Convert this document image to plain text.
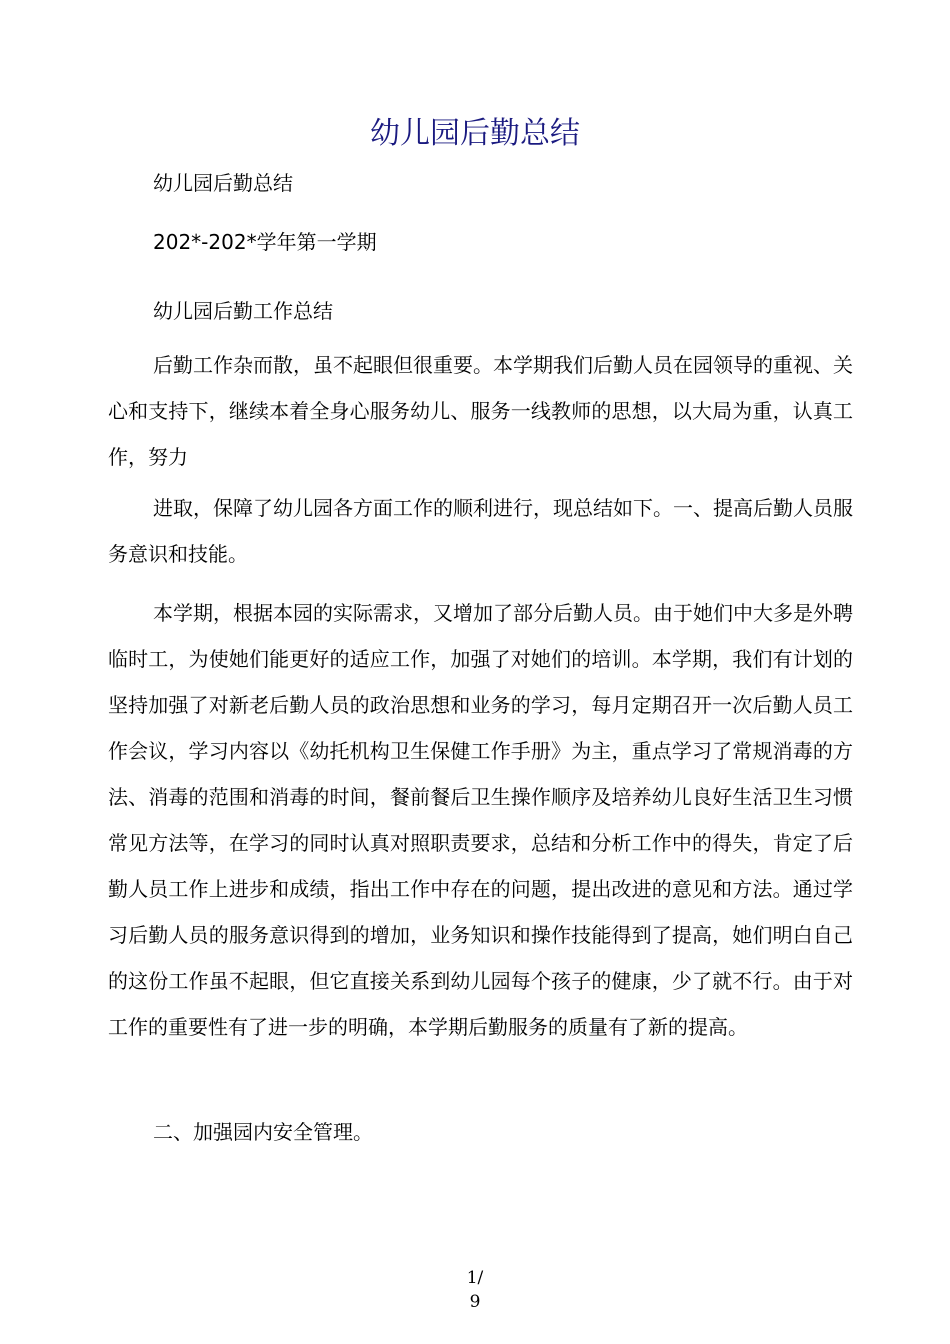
幼儿园后勤总结

幼儿园后勤总结

202*-202*学年第一学期

幼儿园后勤工作总结

后勤工作杂而散，虽不起眼但很重要。本学期我们后勤人员在园领导的重视、关心和支持下，继续本着全身心服务幼儿、服务一线教师的思想，以大局为重，认真工作，努力

进取，保障了幼儿园各方面工作的顺利进行，现总结如下。一、提高后勤人员服务意识和技能。

本学期，根据本园的实际需求，又增加了部分后勤人员。由于她们中大多是外聘临时工，为使她们能更好的适应工作，加强了对她们的培训。本学期，我们有计划的坚持加强了对新老后勤人员的政治思想和业务的学习，每月定期召开一次后勤人员工作会议，学习内容以《幼托机构卫生保健工作手册》为主，重点学习了常规消毒的方法、消毒的范围和消毒的时间，餐前餐后卫生操作顺序及培养幼儿良好生活卫生习惯常见方法等，在学习的同时认真对照职责要求，总结和分析工作中的得失，肯定了后勤人员工作上进步和成绩，指出工作中存在的问题，提出改进的意见和方法。通过学习后勤人员的服务意识得到的增加，业务知识和操作技能得到了提高，她们明白自己的这份工作虽不起眼，但它直接关系到幼儿园每个孩子的健康，少了就不行。由于对工作的重要性有了进一步的明确，本学期后勤服务的质量有了新的提高。

二、加强园内安全管理。

1/
9
